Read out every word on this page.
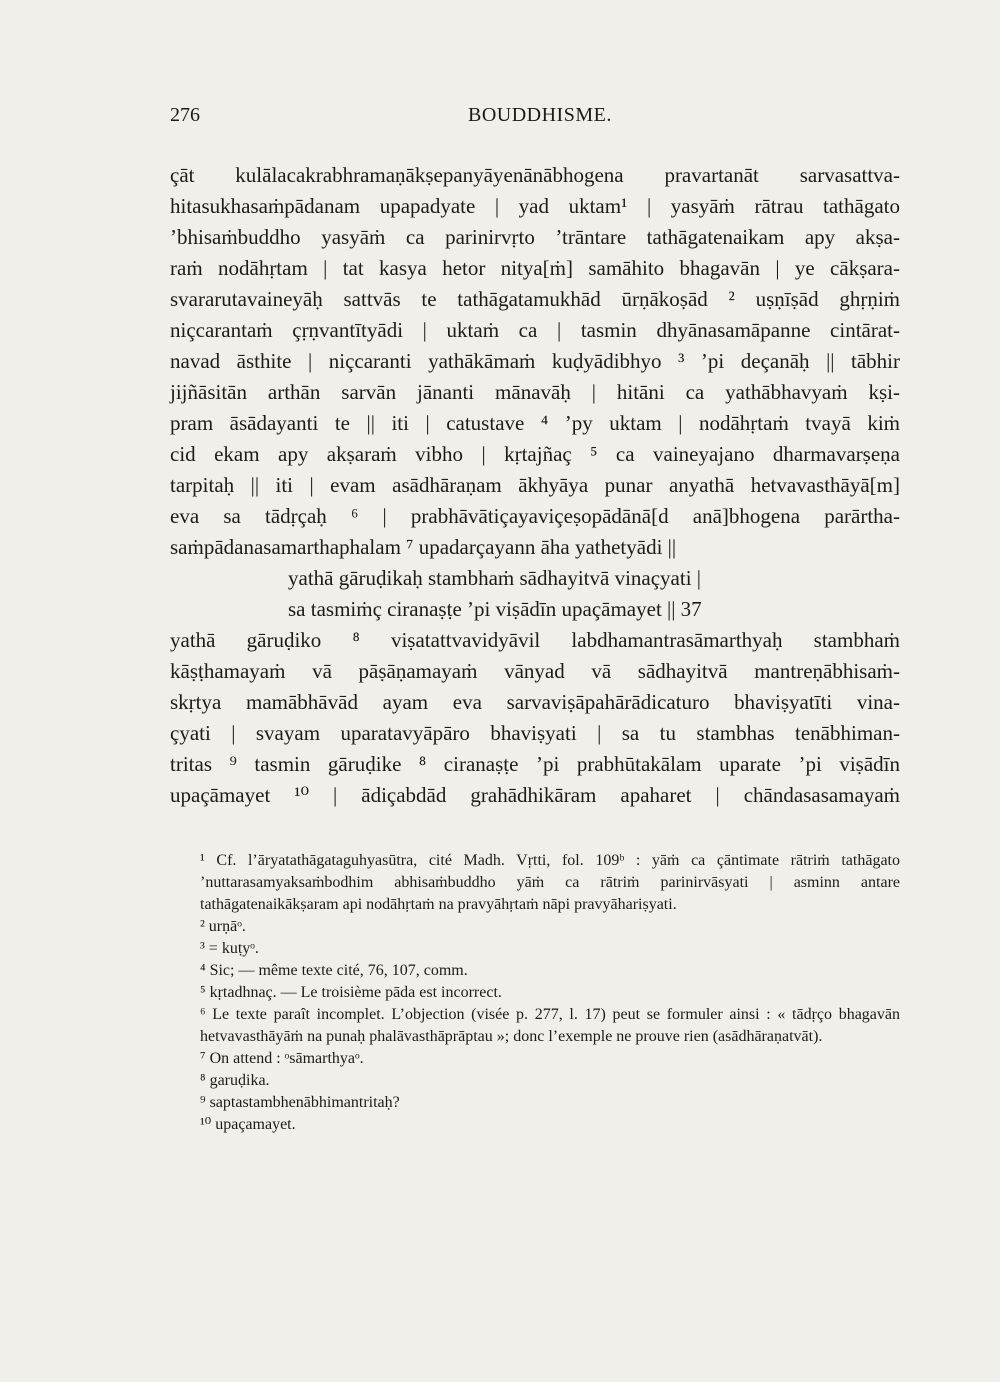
276	BOUDDHISME.
çāt kulālacakrabhramaṇākṣepanyāyenānābhogena pravartanāt sarvasattva-
hitasukhasaṁpādanam upapadyate | yad uktam¹ | yasyāṁ rātrau tathāgato
’bhisaṁbuddho yasyāṁ ca parinirvṛto ’trāntare tathāgatenaikam apy akṣa-
raṁ nodāhṛtam | tat kasya hetor nitya[ṁ] samāhito bhagavān | ye cākṣara-
svararutavaineyāḥ sattvās te tathāgatamukhād ūrṇākoṣād ² uṣṇīṣād ghṛṇiṁ
niçcarantaṁ çṛṇvantītyādi | uktaṁ ca | tasmin dhyānasamāpanne cintārat-
navad āsthite | niçcaranti yathākāmaṁ kuḍyādibhyo ³ ’pi deçanāḥ || tābhir
jijñāsitān arthān sarvān jānanti mānavāḥ | hitāni ca yathābhavyaṁ kṣi-
pram āsādayanti te || iti | catustave ⁴ ’py uktam | nodāhṛtaṁ tvayā kiṁ
cid ekam apy akṣaraṁ vibho | kṛtajñaç ⁵ ca vaineyajano dharmavarṣeṇa
tarpitaḥ || iti | evam asādhāraṇam ākhyāya punar anyathā hetvavasthāyā[m]
eva sa tādṛçaḥ ⁶ | prabhāvātiçayaviçeṣopādānā[d anā]bhogena parārtha-
saṁpādanasamarthaphalam ⁷ upadarçayann āha yathetyādi ||
yathā gāruḍikaḥ stambhaṁ sādhayitvā vinaçyati |
sa tasmiṁç ciranaṣṭe ’pi viṣādīn upaçāmayet || 37
yathā gāruḍiko ⁸ viṣatattvavidyāvil labdhamantrasāmarthyaḥ stambhaṁ
kāṣṭhamayaṁ vā pāṣāṇamayaṁ vānyad vā sādhayitvā mantreṇābhisaṁ-
skṛtya mamābhāvād ayam eva sarvaviṣāpahārādicaturo bhaviṣyatīti vina-
çyati | svayam uparatavyāpāro bhaviṣyati | sa tu stambhas tenābhiman-
tritas ⁹ tasmin gāruḍike ⁸ ciranaṣṭe ’pi prabhūtakālam uparate ’pi viṣādīn
upaçāmayet ¹⁰ | ādiçabdād grahādhikāram apaharet | chāndasasamayaṁ
¹ Cf. l’āryatathāgataguhyasūtra, cité Madh. Vṛtti, fol. 109ᵇ : yāṁ ca çāntimate rātriṁ tathāgato ’nuttarasamyaksaṁbodhim abhisaṁbuddho yāṁ ca rātriṁ parinirvāsyati | asminn antare tathāgatenaikākṣaram api nodāhṛtaṁ na pravyāhṛtaṁ nāpi pravyāhariṣyati.
² urṇāᵒ.
³ = kuṭyᵒ.
⁴ Sic; — même texte cité, 76, 107, comm.
⁵ kṛtadhnaç. — Le troisième pāda est incorrect.
⁶ Le texte paraît incomplet. L’objection (visée p. 277, l. 17) peut se formuler ainsi : « tādṛço bhagavān hetvavasthāyāṁ na punaḥ phalāvasthāprāptau »; donc l’exemple ne prouve rien (asādhāraṇatvāt).
⁷ On attend : ᵒsāmarthyaᵒ.
⁸ garuḍika.
⁹ saptastambhenābhimantritaḥ?
¹⁰ upaçamayet.
